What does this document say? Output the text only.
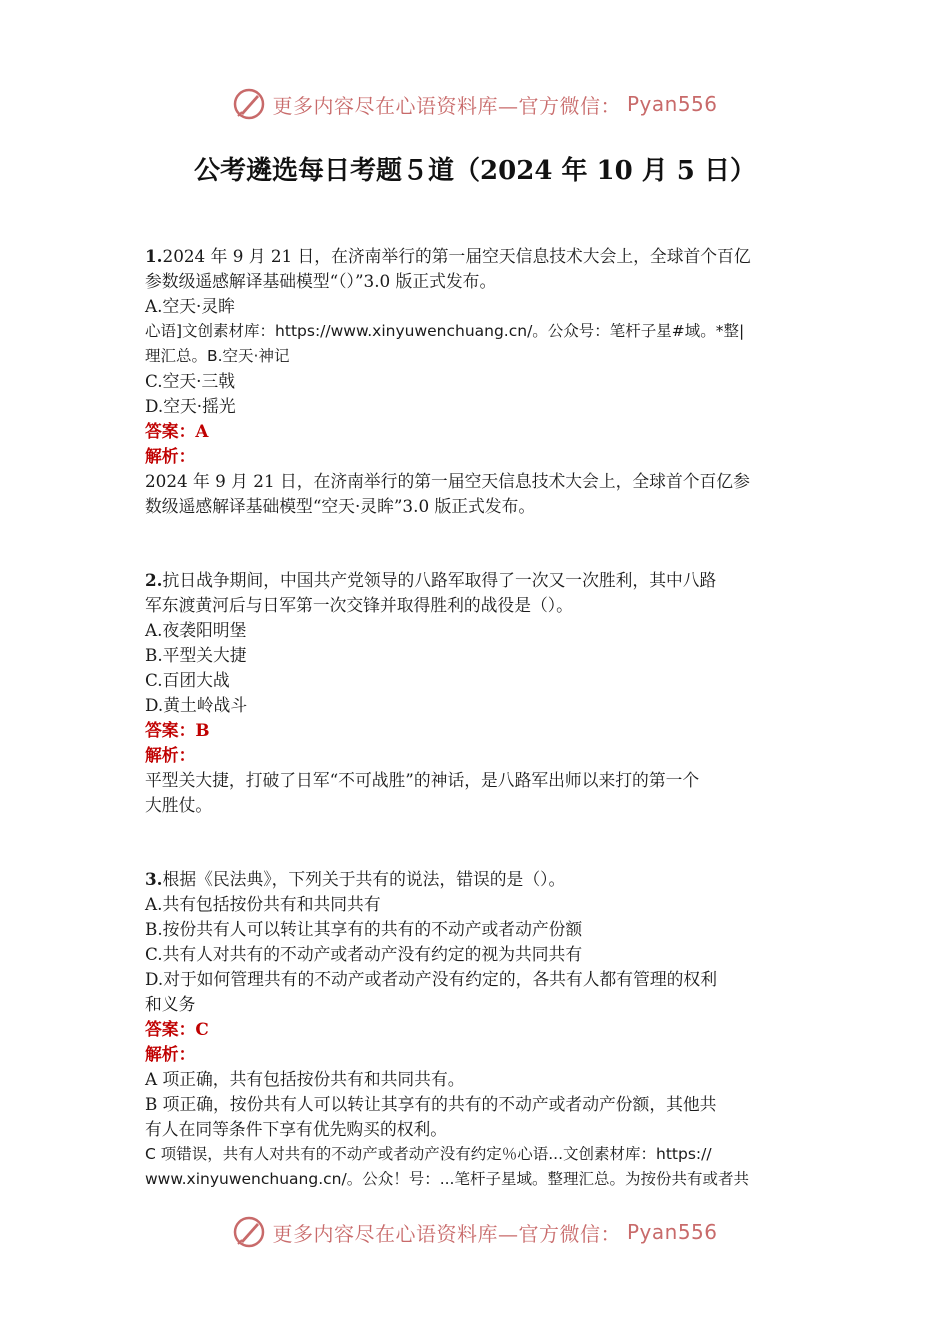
更多内容尽在心语资料库—官方微信： Pyan556
公考遴选每日考题５道（2024 年 10 月 5 日）
1.2024 年 9 月 21 日，在济南举行的第一届空天信息技术大会上，全球首个百亿
参数级遥感解译基础模型“（）”3.0 版正式发布。
A.空天·灵眸
心语]文创素材库：https://www.xinyuwenchuang.cn/。公众号：笔杆子星#域。*整|
理汇总。B.空天·神记
C.空天·三戟
D.空天·摇光
答案：A
解析：
2024 年 9 月 21 日，在济南举行的第一届空天信息技术大会上，全球首个百亿参
数级遥感解译基础模型“空天·灵眸”3.0 版正式发布。
2.抗日战争期间，中国共产党领导的八路军取得了一次又一次胜利，其中八路
军东渡黄河后与日军第一次交锋并取得胜利的战役是（）。
A.夜袭阳明堡
B.平型关大捷
C.百团大战
D.黄土岭战斗
答案：B
解析：
平型关大捷，打破了日军“不可战胜”的神话，是八路军出师以来打的第一个
大胜仗。
3.根据《民法典》，下列关于共有的说法，错误的是（）。
A.共有包括按份共有和共同共有
B.按份共有人可以转让其享有的共有的不动产或者动产份额
C.共有人对共有的不动产或者动产没有约定的视为共同共有
D.对于如何管理共有的不动产或者动产没有约定的，各共有人都有管理的权利
和义务
答案：C
解析：
A 项正确，共有包括按份共有和共同共有。
B 项正确，按份共有人可以转让其享有的共有的不动产或者动产份额，其他共
有人在同等条件下享有优先购买的权利。
C 项错误，共有人对共有的不动产或者动产没有约定％心语...文创素材库：https://
www.xinyuwenchuang.cn/。公众！号：...笔杆子星域。整理汇总。为按份共有或者共
更多内容尽在心语资料库—官方微信： Pyan556
